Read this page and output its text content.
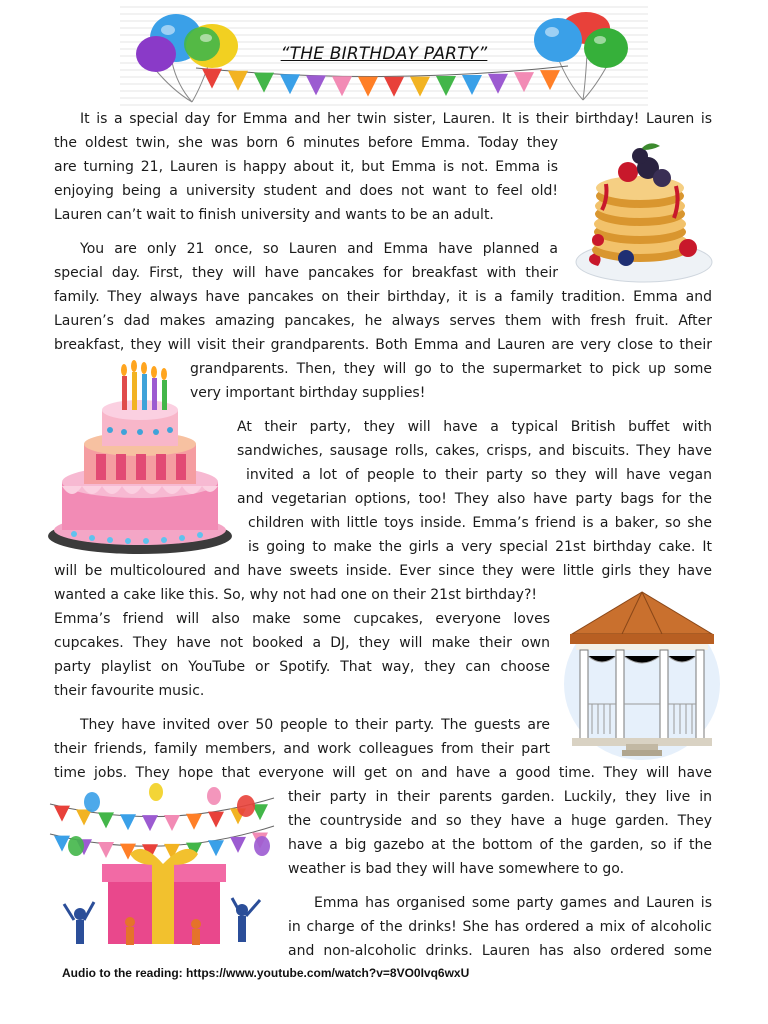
“THE BIRTHDAY PARTY”
It is a special day for Emma and her twin sister, Lauren. It is their birthday! Lauren is
the oldest twin, she was born 6 minutes before Emma. Today they
are turning 21, Lauren is happy about it, but Emma is not. Emma is
enjoying being a university student and does not want to feel old!
Lauren can’t wait to finish university and wants to be an adult.
You are only 21 once, so Lauren and Emma have planned a
special day. First, they will have pancakes for breakfast with their
family. They always have pancakes on their birthday, it is a family tradition. Emma and
Lauren’s dad makes amazing pancakes, he always serves them with fresh fruit. After
breakfast, they will visit their grandparents. Both Emma and Lauren are very close to their
grandparents. Then, they will go to the supermarket to pick up some
very important birthday supplies!
At their party, they will have a typical British buffet with
sandwiches, sausage rolls, cakes, crisps, and biscuits. They have
invited a lot of people to their party so they will have vegan
and vegetarian options, too! They also have party bags for the
children with little toys inside. Emma’s friend is a baker, so she
is going to make the girls a very special 21st birthday cake. It
will be multicoloured and have sweets inside. Ever since they were little girls they have
wanted a cake like this. So, why not had one on their 21st birthday?!
Emma’s friend will also make some cupcakes, everyone loves
cupcakes. They have not booked a DJ, they will make their own
party playlist on YouTube or Spotify. That way, they can choose
their favourite music.
They have invited over 50 people to their party. The guests are
their friends, family members, and work colleagues from their part
time jobs. They hope that everyone will get on and have a good time. They will have
their party in their parents garden. Luckily, they live in
the countryside and so they have a huge garden. They
have a big gazebo at the bottom of the garden, so if the
weather is bad they will have somewhere to go.
Emma has organised some party games and Lauren is
in charge of the drinks! She has ordered a mix of alcoholic
and non-alcoholic drinks. Lauren has also ordered some
Audio to the reading: https://www.youtube.com/watch?v=8VO0Ivq6wxU
